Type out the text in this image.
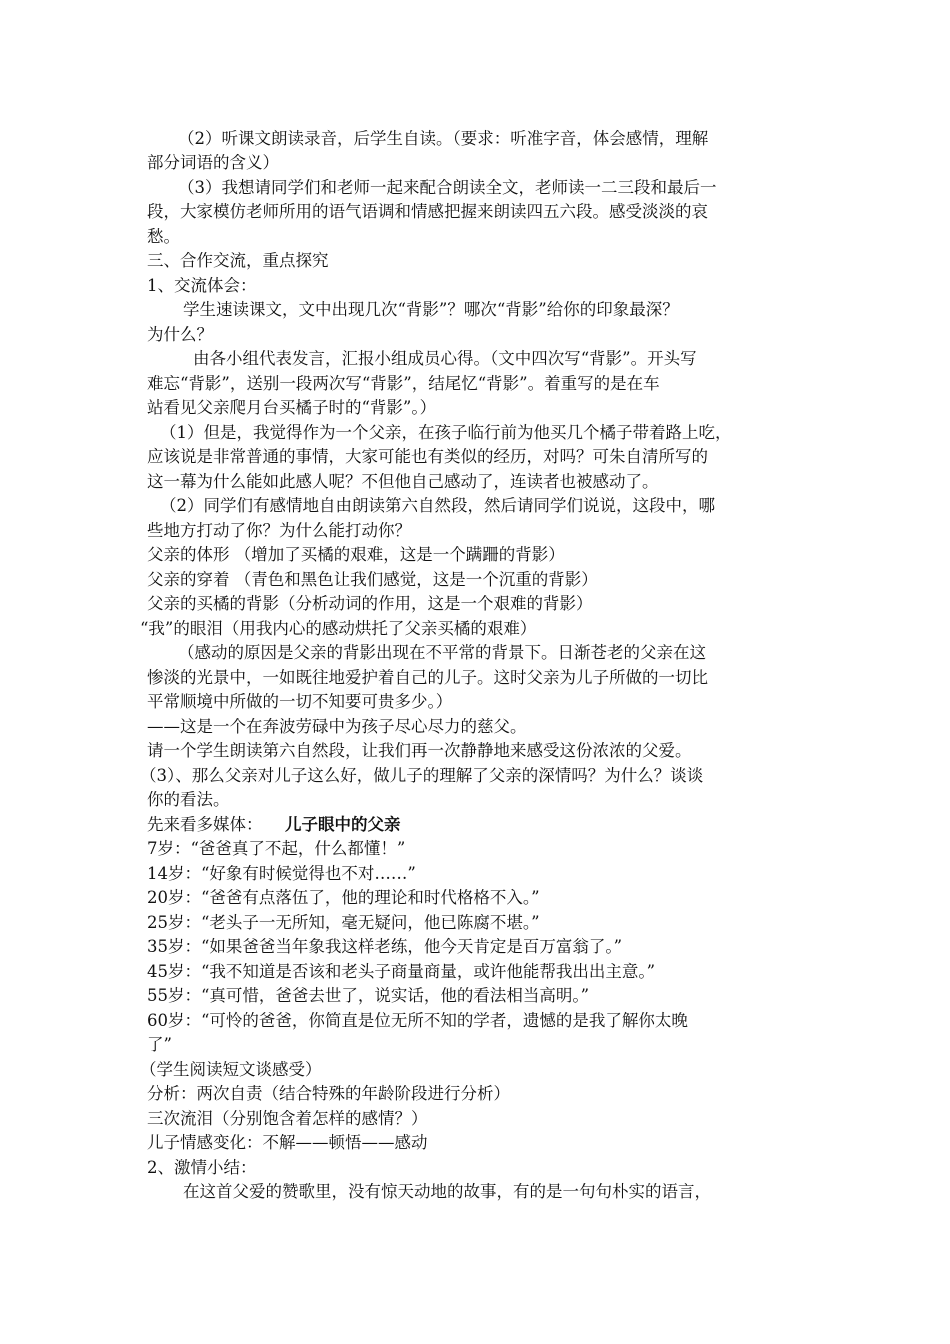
（2）听课文朗读录音，后学生自读。（要求：听准字音，体会感情，理解
部分词语的含义）
（3）我想请同学们和老师一起来配合朗读全文，老师读一二三段和最后一
段，大家模仿老师所用的语气语调和情感把握来朗读四五六段。感受淡淡的哀
愁。
三、合作交流，重点探究
1、交流体会：
学生速读课文，文中出现几次“背影”？哪次“背影”给你的印象最深？
为什么？
由各小组代表发言，汇报小组成员心得。（文中四次写“背影”。开头写
难忘“背影”，送别一段两次写“背影”，结尾忆“背影”。着重写的是在车
站看见父亲爬月台买橘子时的“背影”。）
（1）但是，我觉得作为一个父亲，在孩子临行前为他买几个橘子带着路上吃，
应该说是非常普通的事情，大家可能也有类似的经历，对吗？可朱自清所写的
这一幕为什么能如此感人呢？不但他自己感动了，连读者也被感动了。
（2）同学们有感情地自由朗读第六自然段，然后请同学们说说，这段中，哪
些地方打动了你？为什么能打动你？
父亲的体形 （增加了买橘的艰难，这是一个蹒跚的背影）
父亲的穿着 （青色和黑色让我们感觉，这是一个沉重的背影）
父亲的买橘的背影（分析动词的作用，这是一个艰难的背影）
“我”的眼泪（用我内心的感动烘托了父亲买橘的艰难）
（感动的原因是父亲的背影出现在不平常的背景下。日渐苍老的父亲在这
惨淡的光景中，一如既往地爱护着自己的儿子。这时父亲为儿子所做的一切比
平常顺境中所做的一切不知要可贵多少。）
——这是一个在奔波劳碌中为孩子尽心尽力的慈父。
请一个学生朗读第六自然段，让我们再一次静静地来感受这份浓浓的父爱。
（3）、那么父亲对儿子这么好，做儿子的理解了父亲的深情吗？为什么？谈谈
你的看法。
先来看多媒体： 儿子眼中的父亲
7岁：“爸爸真了不起，什么都懂！”
14岁：“好象有时候觉得也不对……”
20岁：“爸爸有点落伍了，他的理论和时代格格不入。”
25岁：“老头子一无所知，毫无疑问，他已陈腐不堪。”
35岁：“如果爸爸当年象我这样老练，他今天肯定是百万富翁了。”
45岁：“我不知道是否该和老头子商量商量，或许他能帮我出出主意。”
55岁：“真可惜，爸爸去世了，说实话，他的看法相当高明。”
60岁：“可怜的爸爸，你简直是位无所不知的学者，遗憾的是我了解你太晚
了”
（学生阅读短文谈感受）
分析：两次自责（结合特殊的年龄阶段进行分析）
三次流泪（分别饱含着怎样的感情？）
儿子情感变化：不解——顿悟——感动
2、激情小结：
在这首父爱的赞歌里，没有惊天动地的故事，有的是一句句朴实的语言，
